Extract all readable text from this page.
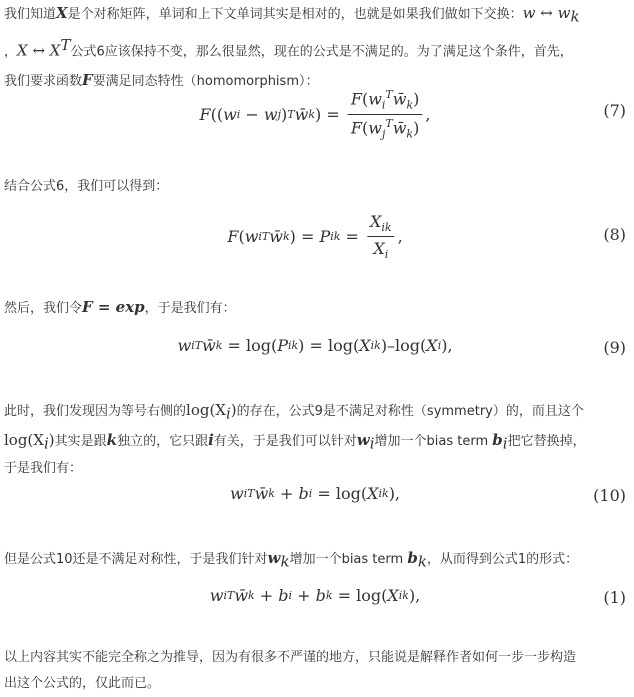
我们知道X是个对称矩阵，单词和上下文单词其实是相对的，也就是如果我们做如下交换：w ↔ $w_k$
，X ↔ $X^T$公式6应该保持不变，那么很显然，现在的公式是不满足的。为了满足这个条件，首先，
我们要求函数F要满足同态特性（homomorphism）：
F (( w i − w j ) T w̄ k ) = $\frac{F(w_i^Tw̄_k)}{F(w_j^Tw̄_k)}$ ,	(7)
结合公式6，我们可以得到：
F ( w i T w̄ k ) = P ik = $\frac{X_{ik}}{X_i}$ ,	(8)
然后，我们令F = exp，于是我们有：
w i T w̄ k = log( P ik ) = log( X ik )–log( X i ),	(9)
此时，我们发现因为等号右侧的$\log(X_i)$的存在，公式9是不满足对称性（symmetry）的，而且这个
$\log(X_i)$其实是跟k独立的，它只跟i有关，于是我们可以针对$w_i$增加一个bias term $b_i$把它替换掉，
于是我们有：
w i T w̄ k + b i = log( X ik ),	(10)
但是公式10还是不满足对称性，于是我们针对$w_k$增加一个bias term $b_k$，从而得到公式1的形式：
w i T w̄ k + b i + b k = log( X ik ),	(1)
以上内容其实不能完全称之为推导，因为有很多不严谨的地方，只能说是解释作者如何一步一步构造
出这个公式的，仅此而已。
